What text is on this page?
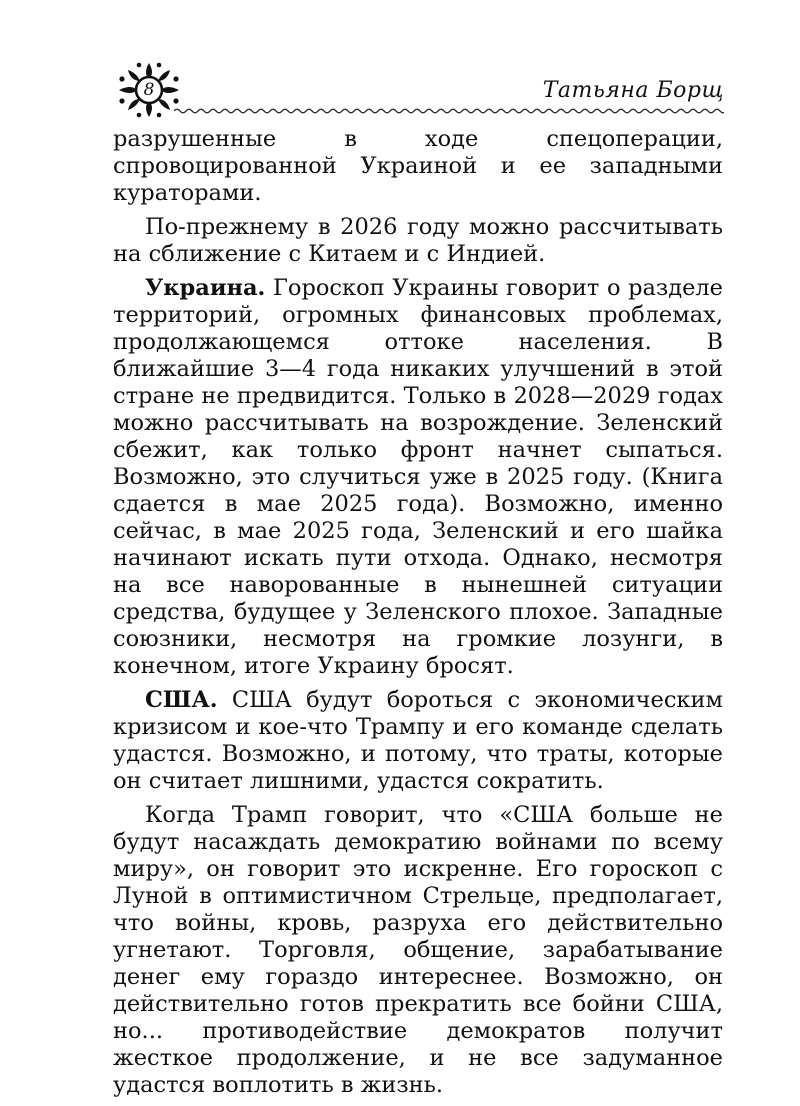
8	Татьяна Борщ

разрушенные в ходе спецоперации, спровоцированной Украиной и ее западными кураторами.

По-прежнему в 2026 году можно рассчитывать на сближение с Китаем и с Индией.

Украина. Гороскоп Украины говорит о разделе территорий, огромных финансовых проблемах, продолжающемся оттоке населения. В ближайшие 3—4 года никаких улучшений в этой стране не предвидится. Только в 2028—2029 годах можно рассчитывать на возрождение. Зеленский сбежит, как только фронт начнет сыпаться. Возможно, это случиться уже в 2025 году. (Книга сдается в мае 2025 года). Возможно, именно сейчас, в мае 2025 года, Зеленский и его шайка начинают искать пути отхода. Однако, несмотря на все наворованные в нынешней ситуации средства, будущее у Зеленского плохое. Западные союзники, несмотря на громкие лозунги, в конечном, итоге Украину бросят.

США. США будут бороться с экономическим кризисом и кое-что Трампу и его команде сделать удастся. Возможно, и потому, что траты, которые он считает лишними, удастся сократить.

Когда Трамп говорит, что «США больше не будут насаждать демократию войнами по всему миру», он говорит это искренне. Его гороскоп с Луной в оптимистичном Стрельце, предполагает, что войны, кровь, разруха его действительно угнетают. Торговля, общение, зарабатывание денег ему гораздо интереснее. Возможно, он действительно готов прекратить все бойни США, но... противодействие демократов получит жесткое продолжение, и не все задуманное удастся воплотить в жизнь.
